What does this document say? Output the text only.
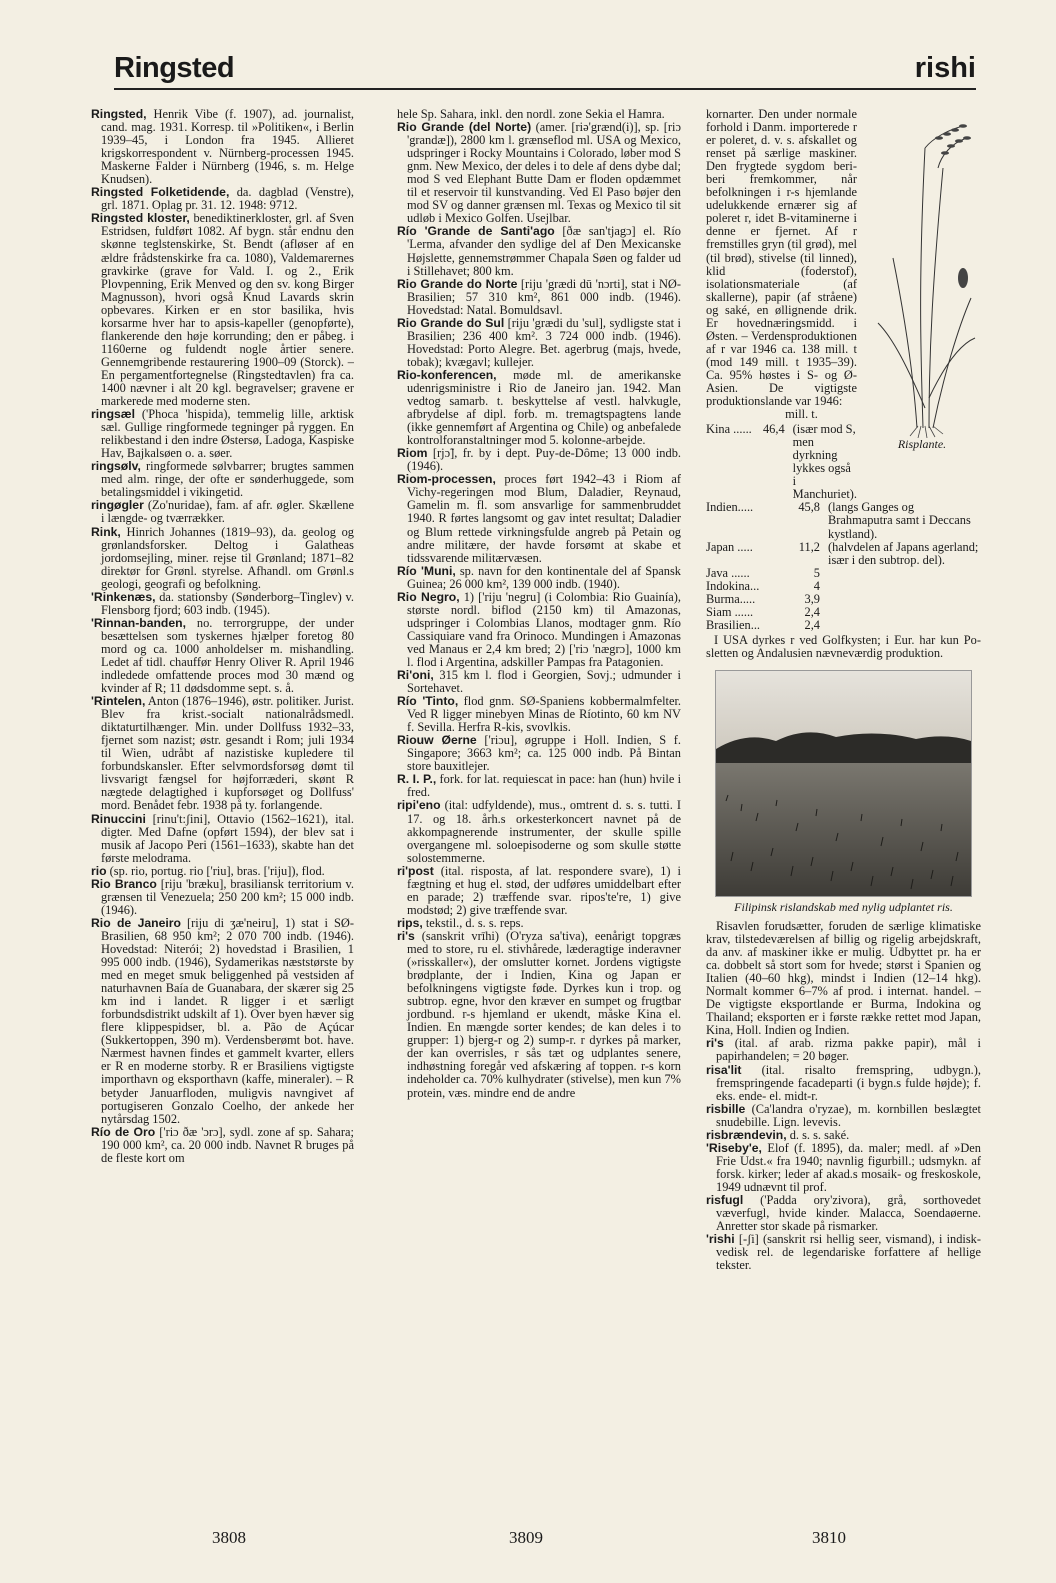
Ringsted	rishi
Ringsted, Henrik Vibe (f. 1907), ad. journalist, cand. mag. 1931. Korresp. til »Politiken«, i Berlin 1939–45, i London fra 1945. Allieret krigskorrespondent v. Nürnberg-processen 1945. Maskerne Falder i Nürnberg (1946, s. m. Helge Knudsen).
Ringsted Folketidende, da. dagblad (Venstre), grl. 1871. Oplag pr. 31. 12. 1948: 9712.
Ringsted kloster, benediktinerkloster, grl. af Sven Estridsen, fuldført 1082. Af bygn. står endnu den skønne teglstenskirke, St. Bendt (afløser af en ældre frådstenskirke fra ca. 1080), Valdemarernes gravkirke (grave for Vald. I. og 2., Erik Plovpenning, Erik Menved og den sv. kong Birger Magnusson), hvori også Knud Lavards skrin opbevares. Kirken er en stor basilika, hvis korsarme hver har to apsis-kapeller (genopførte), flankerende den høje korrunding; den er påbeg. i 1160erne og fuldendt nogle årtier senere. Gennemgribende restaurering 1900–09 (Storck). – En pergamentfortegnelse (Ringstedtavlen) fra ca. 1400 nævner i alt 20 kgl. begravelser; gravene er markerede med moderne sten.
ringsæl ('Phoca 'hispida), temmelig lille, arktisk sæl. Gullige ringformede tegninger på ryggen. En relikbestand i den indre Østersø, Ladoga, Kaspiske Hav, Bajkalsøen o. a. søer.
ringsølv, ringformede sølvbarrer; brugtes sammen med alm. ringe, der ofte er sønderhuggede, som betalingsmiddel i vikingetid.
ringøgler (Zo'nuridae), fam. af afr. øgler. Skællene i længde- og tværrækker.
Rink, Hinrich Johannes (1819–93), da. geolog og grønlandsforsker. Deltog i Galatheas jordomsejling, miner. rejse til Grønland; 1871–82 direktør for Grønl. styrelse. Afhandl. om Grønl.s geologi, geografi og befolkning.
'Rinkenæs, da. stationsby (Sønderborg–Tinglev) v. Flensborg fjord; 603 indb. (1945).
'Rinnan-banden, no. terrorgruppe, der under besættelsen som tyskernes hjælper foretog 80 mord og ca. 1000 anholdelser m. mishandling. Ledet af tidl. chauffør Henry Oliver R. April 1946 indledede omfattende proces mod 30 mænd og kvinder af R; 11 dødsdomme sept. s. å.
'Rintelen, Anton (1876–1946), østr. politiker. Jurist. Blev fra krist.-socialt nationalrådsmedl. diktaturtilhænger. Min. under Dollfuss 1932–33, fjernet som nazist; østr. gesandt i Rom; juli 1934 til Wien, udråbt af nazistiske kupledere til forbundskansler. Efter selvmordsforsøg dømt til livsvarigt fængsel for højforræderi, skønt R nægtede delagtighed i kupforsøget og Dollfuss' mord. Benådet febr. 1938 på ty. forlangende.
Rinuccini [rinu't:ʃini], Ottavio (1562–1621), ital. digter. Med Dafne (opført 1594), der blev sat i musik af Jacopo Peri (1561–1633), skabte han det første melodrama.
rio (sp. rio, portug. rio ['riu], bras. ['riju]), flod.
Rio Branco [riju 'bræku], brasiliansk territorium v. grænsen til Venezuela; 250 200 km²; 15 000 indb. (1946).
Rio de Janeiro [riju di ʒæ'neiru], 1) stat i SØ-Brasilien, 68 950 km²; 2 070 700 indb. (1946). Hovedstad: Niterói; 2) hovedstad i Brasilien, 1 995 000 indb. (1946), Sydamerikas næststørste by med en meget smuk beliggenhed på vestsiden af naturhavnen Baía de Guanabara, der skærer sig 25 km ind i landet. R ligger i et særligt forbundsdistrikt udskilt af 1). Over byen hæver sig flere klippespidser, bl. a. Pão de Açúcar (Sukkertoppen, 390 m). Verdensberømt bot. have. Nærmest havnen findes et gammelt kvarter, ellers er R en moderne storby. R er Brasiliens vigtigste importhavn og eksporthavn (kaffe, mineraler). – R betyder Januarfloden, muligvis navngivet af portugiseren Gonzalo Coelho, der ankede her nytårsdag 1502.
Río de Oro ['riɔ ðæ 'ɔrɔ], sydl. zone af sp. Sahara; 190 000 km², ca. 20 000 indb. Navnet R bruges på de fleste kort om
hele Sp. Sahara, inkl. den nordl. zone Sekia el Hamra.
Rio Grande (del Norte) (amer. [riə'grænd(i)], sp. [riɔ 'grandæ]), 2800 km l. grænseflod ml. USA og Mexico, udspringer i Rocky Mountains i Colorado, løber mod S gnm. New Mexico, der deles i to dele af dens dybe dal; mod S ved Elephant Butte Dam er floden opdæmmet til et reservoir til kunstvanding. Ved El Paso bøjer den mod SV og danner grænsen ml. Texas og Mexico til sit udløb i Mexico Golfen. Usejlbar.
Río 'Grande de Santi'ago [ðæ san'tjagɔ] el. Río 'Lerma, afvander den sydlige del af Den Mexicanske Højslette, gennemstrømmer Chapala Søen og falder ud i Stillehavet; 800 km.
Rio Grande do Norte [riju 'grædi dū 'nɔrti], stat i NØ-Brasilien; 57 310 km², 861 000 indb. (1946). Hovedstad: Natal. Bomuldsavl.
Rio Grande do Sul [riju 'grædi du 'sul], sydligste stat i Brasilien; 236 400 km². 3 724 000 indb. (1946). Hovedstad: Porto Alegre. Bet. agerbrug (majs, hvede, tobak); kvægavl; kullejer.
Rio-konferencen, møde ml. de amerikanske udenrigsministre i Rio de Janeiro jan. 1942. Man vedtog samarb. t. beskyttelse af vestl. halvkugle, afbrydelse af dipl. forb. m. tremagtspagtens lande (ikke gennemført af Argentina og Chile) og anbefalede kontrolforanstaltninger mod 5. kolonne-arbejde.
Riom [rjɔ̃], fr. by i dept. Puy-de-Dôme; 13 000 indb. (1946).
Riom-processen, proces ført 1942–43 i Riom af Vichy-regeringen mod Blum, Daladier, Reynaud, Gamelin m. fl. som ansvarlige for sammenbruddet 1940. R førtes langsomt og gav intet resultat; Daladier og Blum rettede virkningsfulde angreb på Petain og andre militære, der havde forsømt at skabe et tidssvarende militærvæsen.
Río 'Muni, sp. navn for den kontinentale del af Spansk Guinea; 26 000 km², 139 000 indb. (1940).
Rio Negro, 1) ['riju 'negru] (i Colombia: Rio Guainía), største nordl. biflod (2150 km) til Amazonas, udspringer i Colombias Llanos, modtager gnm. Río Cassiquiare vand fra Orinoco. Mundingen i Amazonas ved Manaus er 2,4 km bred; 2) ['riɔ 'nægrɔ], 1000 km l. flod i Argentina, adskiller Pampas fra Patagonien.
Ri'oni, 315 km l. flod i Georgien, Sovj.; udmunder i Sortehavet.
Río 'Tinto, flod gnm. SØ-Spaniens kobbermalmfelter. Ved R ligger minebyen Minas de Ríotinto, 60 km NV f. Sevilla. Herfra R-kis, svovlkis.
Riouw Øerne ['riɔu], øgruppe i Holl. Indien, S f. Singapore; 3663 km²; ca. 125 000 indb. På Bintan store bauxitlejer.
R. I. P., fork. for lat. requiescat in pace: han (hun) hvile i fred.
ripi'eno (ital: udfyldende), mus., omtrent d. s. s. tutti. I 17. og 18. årh.s orkesterkoncert navnet på de akkompagnerende instrumenter, der skulle spille overgangene ml. soloepisoderne og som skulle støtte solostemmerne.
ri'post (ital. risposta, af lat. respondere svare), 1) i fægtning et hug el. stød, der udføres umiddelbart efter en parade; 2) træffende svar. ripos'te're, 1) give modstød; 2) give træffende svar.
rips, tekstil., d. s. s. reps.
ri's (sanskrit vrīhi) (O'ryza sa'tiva), eenårigt topgræs med to store, ru el. stivhårede, læderagtige inderavner (»risskaller«), der omslutter kornet. Jordens vigtigste brødplante, der i Indien, Kina og Japan er befolkningens vigtigste føde. Dyrkes kun i trop. og subtrop. egne, hvor den kræver en sumpet og frugtbar jordbund. r-s hjemland er ukendt, måske Kina el. Indien. En mængde sorter kendes; de kan deles i to grupper: 1) bjerg-r og 2) sump-r. r dyrkes på marker, der kan overrisles, r sås tæt og udplantes senere, indhøstning foregår ved afskæring af toppen. r-s korn indeholder ca. 70% kulhydrater (stivelse), men kun 7% protein, væs. mindre end de andre
Risplante.
kornarter. Den under normale forhold i Danm. importerede r er poleret, d. v. s. afskallet og renset på særlige maskiner. Den frygtede sygdom beri-beri fremkommer, når befolkningen i r-s hjemlande udelukkende ernærer sig af poleret r, idet B-vitaminerne i denne er fjernet. Af r fremstilles gryn (til grød), mel (til brød), stivelse (til linned), klid (foderstof), isolationsmateriale (af skallerne), papir (af stråene) og saké, en øllignende drik. Er hovednæringsmidd. i Østen. – Verdensproduktionen af r var 1946 ca. 138 mill. t (mod 149 mill. t 1935–39). Ca. 95% høstes i S- og Ø-Asien. De vigtigste produktionslande var 1946:
mill. t.
Kina ...... 46,4 (især mod S, men dyrkning lykkes også i Manchuriet).
Indien.....	45,8 (langs Ganges og Brahmaputra samt i Deccans kystland).
Japan .....	11,2 (halvdelen af Japans agerland; især i den subtrop. del).
Java ......	5
Indokina...	4
Burma.....	3,9
Siam ......	2,4
Brasilien...	2,4
I USA dyrkes r ved Golfkysten; i Eur. har kun Po-sletten og Andalusien nævneværdig produktion.
Filipinsk rislandskab med nylig udplantet ris.
Risavlen forudsætter, foruden de særlige klimatiske krav, tilstedeværelsen af billig og rigelig arbejdskraft, da anv. af maskiner ikke er mulig. Udbyttet pr. ha er ca. dobbelt så stort som for hvede; størst i Spanien og Italien (40–60 hkg), mindst i Indien (12–14 hkg). Normalt kommer 6–7% af prod. i internat. handel. – De vigtigste eksportlande er Burma, Indokina og Thailand; eksporten er i første række rettet mod Japan, Kina, Holl. Indien og Indien.
ri's (ital. af arab. rizma pakke papir), mål i papirhandelen; = 20 bøger.
risa'lit (ital. risalto fremspring, udbygn.), fremspringende facadeparti (i bygn.s fulde højde); f. eks. ende- el. midt-r.
risbille (Ca'landra o'ryzae), m. kornbillen beslægtet snudebille. Lign. levevis.
risbrændevin, d. s. s. saké.
'Riseby'e, Elof (f. 1895), da. maler; medl. af »Den Frie Udst.« fra 1940; navnlig figurbill.; udsmykn. af forsk. kirker; leder af akad.s mosaik- og freskoskole, 1949 udnævnt til prof.
risfugl ('Padda ory'zivora), grå, sorthovedet væverfugl, hvide kinder. Malacca, Soendaøerne. Anretter stor skade på rismarker.
'rishi [-ʃi] (sanskrit rsi hellig seer, vismand), i indisk-vedisk rel. de legendariske forfattere af hellige tekster.
3808	3809	3810
